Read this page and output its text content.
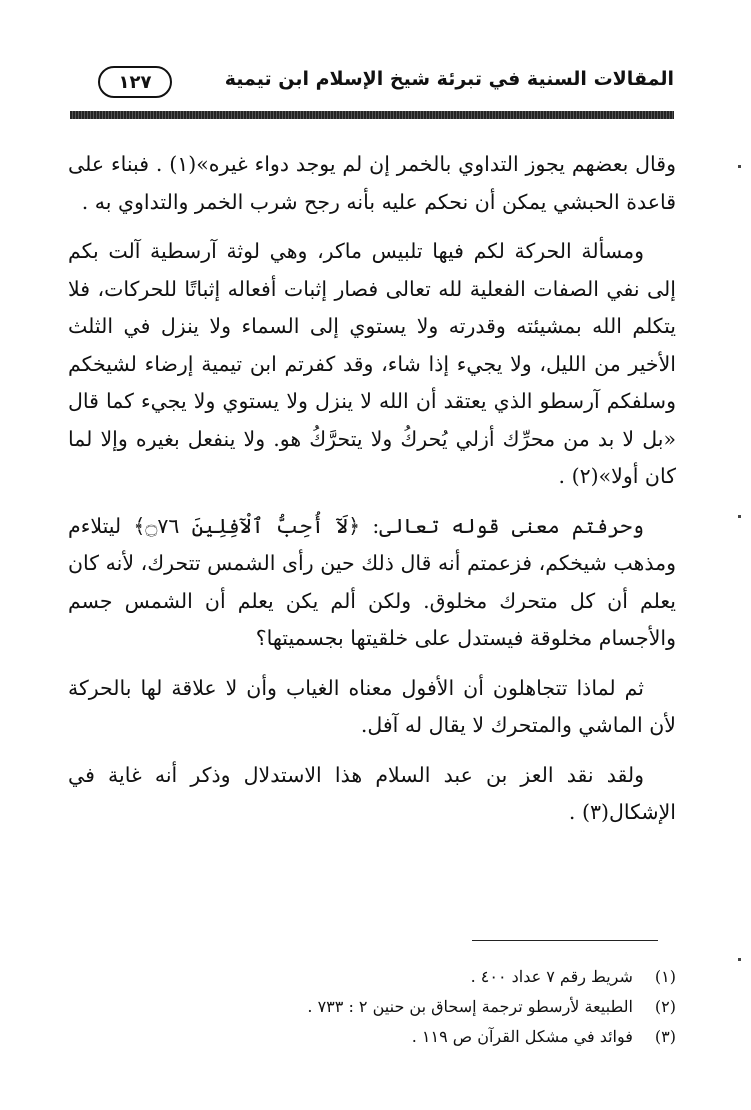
المقالات السنية في تبرئة شيخ الإسلام ابن تيمية
١٢٧

وقال بعضهم يجوز التداوي بالخمر إن لم يوجد دواء غيره»(١) . فبناء على قاعدة الحبشي يمكن أن نحكم عليه بأنه رجح شرب الخمر والتداوي به .

ومسألة الحركة لكم فيها تلبيس ماكر، وهي لوثة آرسطية آلت بكم إلى نفي الصفات الفعلية لله تعالى فصار إثبات أفعاله إثباتًا للحركات، فلا يتكلم الله بمشيئته وقدرته ولا يستوي إلى السماء ولا ينزل في الثلث الأخير من الليل، ولا يجيء إذا شاء، وقد كفرتم ابن تيمية إرضاء لشيخكم وسلفكم آرسطو الذي يعتقد أن الله لا ينزل ولا يستوي ولا يجيء كما قال «بل لا بد من محرِّك أزلي يُحركُ ولا يتحرَّكُ هو. ولا ينفعل بغيره وإلا لما كان أولا»(٢) .

وحرفتم معنى قوله تعالى: ﴿لَآ أُحِبُّ ٱلْآفِلِينَ ۝٧٦﴾ ليتلاءم ومذهب شيخكم، فزعمتم أنه قال ذلك حين رأى الشمس تتحرك، لأنه كان يعلم أن كل متحرك مخلوق. ولكن ألم يكن يعلم أن الشمس جسم والأجسام مخلوقة فيستدل على خلقيتها بجسميتها؟

ثم لماذا تتجاهلون أن الأفول معناه الغياب وأن لا علاقة لها بالحركة لأن الماشي والمتحرك لا يقال له آفل.

ولقد نقد العز بن عبد السلام هذا الاستدلال وذكر أنه غاية في الإشكال(٣) .

(١) شريط رقم ٧ عداد ٤٠٠ .
(٢) الطبيعة لأرسطو ترجمة إسحاق بن حنين ٢ : ٧٣٣ .
(٣) فوائد في مشكل القرآن ص ١١٩ .
